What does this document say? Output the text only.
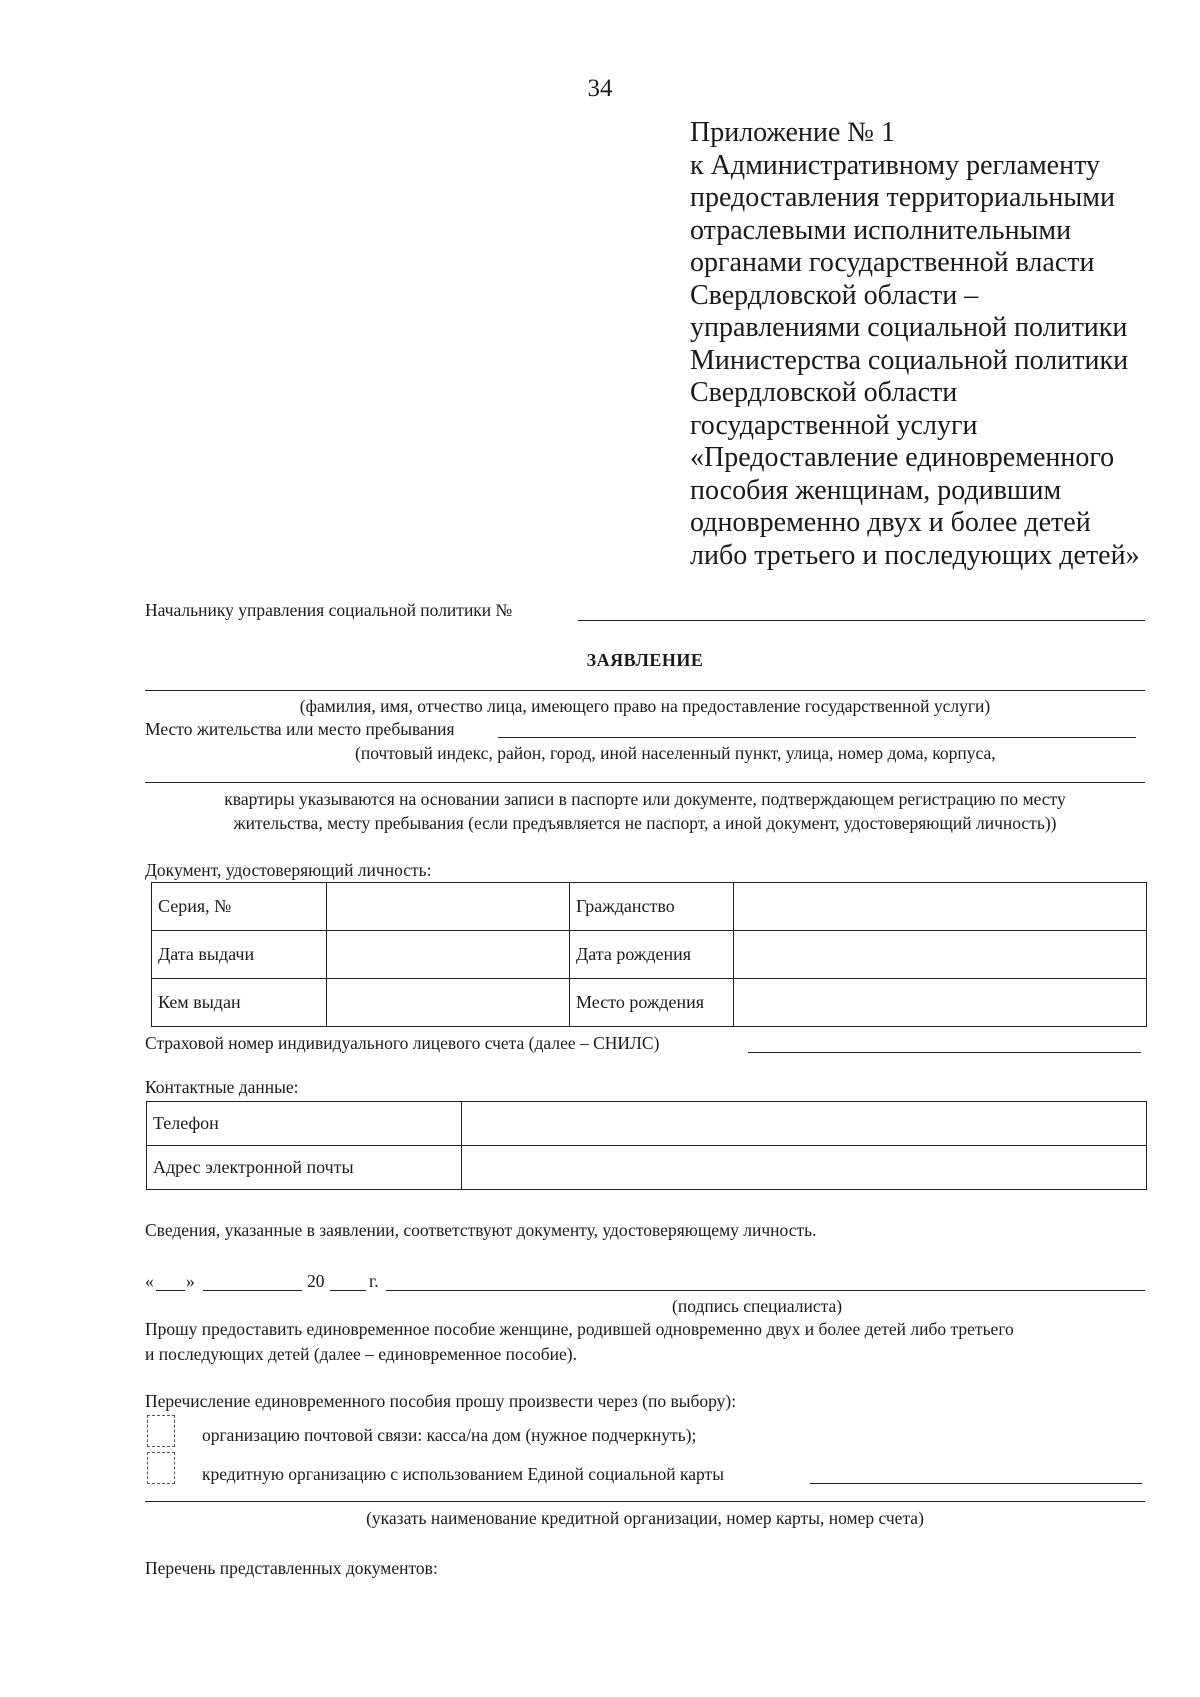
34
Приложение № 1
к Административному регламенту
предоставления территориальными
отраслевыми исполнительными
органами государственной власти
Свердловской области –
управлениями социальной политики
Министерства социальной политики
Свердловской области
государственной услуги
«Предоставление единовременного
пособия женщинам, родившим
одновременно двух и более детей
либо третьего и последующих детей»
Начальнику управления социальной политики №
ЗАЯВЛЕНИЕ
(фамилия, имя, отчество лица, имеющего право на предоставление государственной услуги)
Место жительства или место пребывания
(почтовый индекс, район, город, иной населенный пункт, улица, номер дома, корпуса,
квартиры указываются на основании записи в паспорте или документе, подтверждающем регистрацию по месту
жительства, месту пребывания (если предъявляется не паспорт, а иной документ, удостоверяющий личность))
Документ, удостоверяющий личность:
Серия, №		Гражданство	
Дата выдачи		Дата рождения	
Кем выдан		Место рождения	
Страховой номер индивидуального лицевого счета (далее – СНИЛС)
Контактные данные:
Телефон	
Адрес электронной почты	
Сведения, указанные в заявлении, соответствуют документу, удостоверяющему личность.
« »	20	г.
(подпись специалиста)
Прошу предоставить единовременное пособие женщине, родившей одновременно двух и более детей либо третьего
и последующих детей (далее – единовременное пособие).
Перечисление единовременного пособия прошу произвести через (по выбору):
организацию почтовой связи: касса/на дом (нужное подчеркнуть);
кредитную организацию с использованием Единой социальной карты
(указать наименование кредитной организации, номер карты, номер счета)
Перечень представленных документов:
